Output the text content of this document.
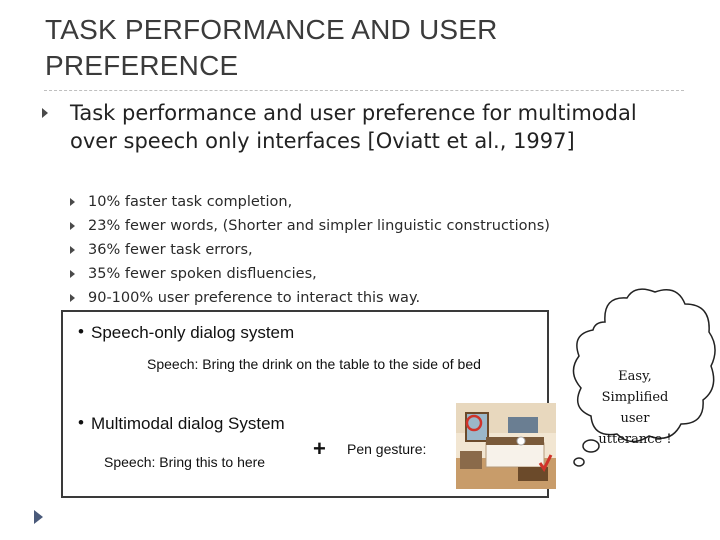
TASK PERFORMANCE AND USER PREFERENCE
Task performance and user preference for multimodal over speech only interfaces [Oviatt et al., 1997]
10% faster task completion,
23% fewer words, (Shorter and simpler linguistic constructions)
36% fewer task errors,
35% fewer spoken disfluencies,
90-100% user preference to interact this way.
• Speech-only dialog system
Speech: Bring the drink on the table to the side of bed
• Multimodal dialog System
Speech: Bring this to here
+ Pen gesture:
Easy,
Simplified
user
utterance !
